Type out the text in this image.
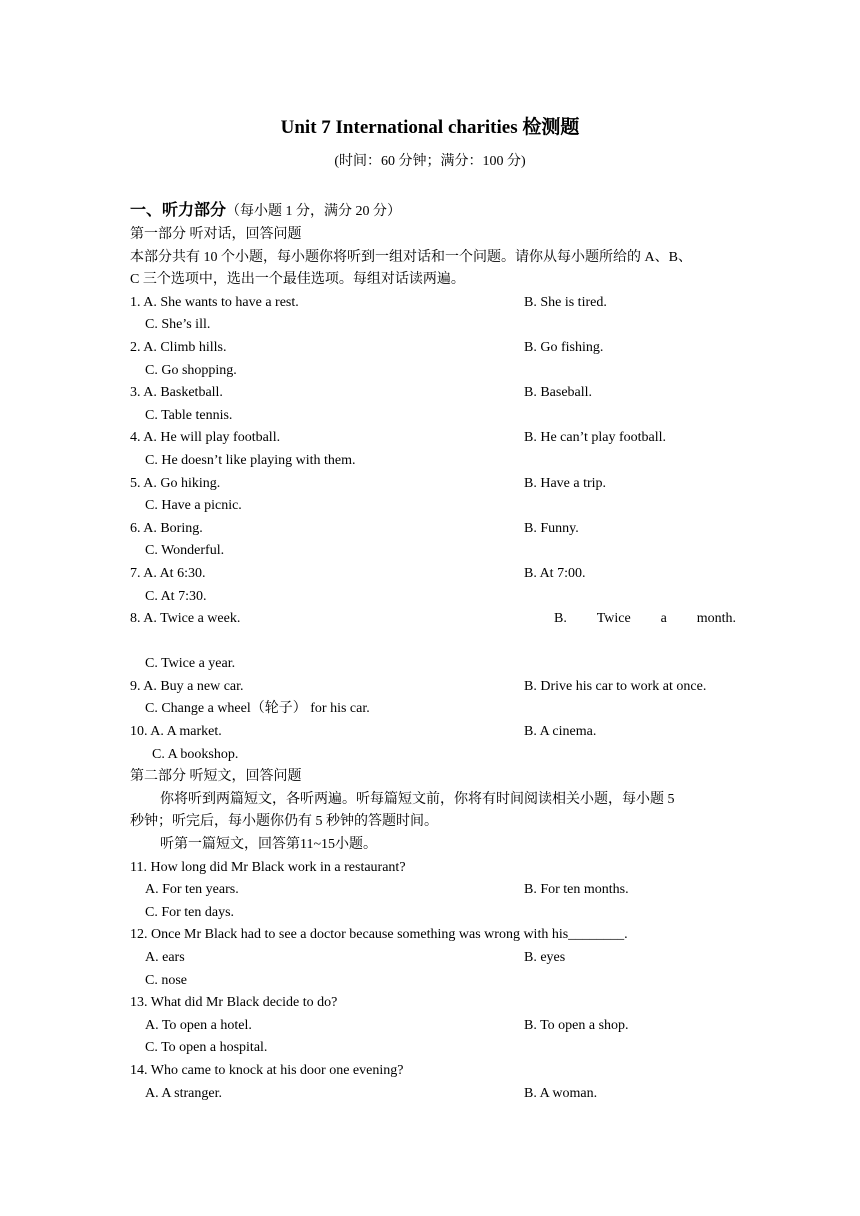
Unit 7 International charities 检测题
(时间：60 分钟；满分：100 分)
一、听力部分（每小题 1 分，满分 20 分）
第一部分 听对话，回答问题
本部分共有 10 个小题，每小题你将听到一组对话和一个问题。请你从每小题所给的 A、B、
C 三个选项中，选出一个最佳选项。每组对话读两遍。
1. A. She wants to have a rest.	B. She is tired.
C. She’s ill.
2. A. Climb hills.	B. Go fishing.
C. Go shopping.
3. A. Basketball.	B. Baseball.
C. Table tennis.
4. A. He will play football.	B. He can’t play football.
C. He doesn’t like playing with them.
5. A. Go hiking.	B. Have a trip.
C. Have a picnic.
6. A. Boring.	B. Funny.
C. Wonderful.
7. A. At 6:30.	B. At 7:00.
C. At 7:30.
8. A. Twice a week.	B. Twice a month.
C. Twice a year.
9. A. Buy a new car.	B. Drive his car to work at once.
C. Change a wheel（轮子） for his car.
10. A. A market.	B. A cinema.
C. A bookshop.
第二部分 听短文，回答问题
你将听到两篇短文，各听两遍。听每篇短文前，你将有时间阅读相关小题，每小题 5
秒钟；听完后，每小题你仍有 5 秒钟的答题时间。
听第一篇短文，回答第11~15小题。
11. How long did Mr Black work in a restaurant?
A. For ten years.	B. For ten months.
C. For ten days.
12. Once Mr Black had to see a doctor because something was wrong with his________.
A. ears	B. eyes
C. nose
13. What did Mr Black decide to do?
A. To open a hotel.	B. To open a shop.
C. To open a hospital.
14. Who came to knock at his door one evening?
A. A stranger.	B. A woman.
